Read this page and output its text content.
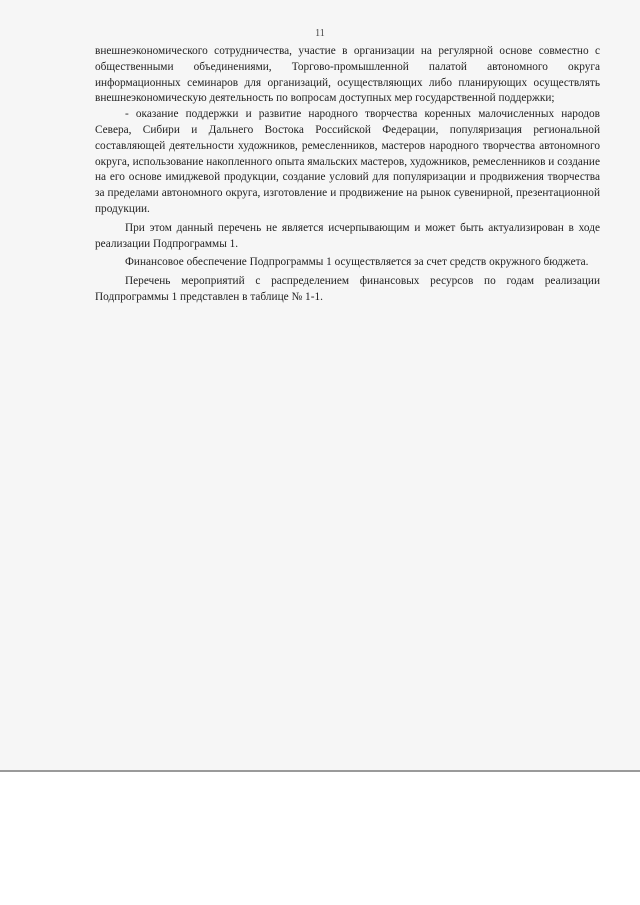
11

внешнеэкономического сотрудничества, участие в организации на регулярной основе совместно с общественными объединениями, Торгово-промышленной палатой автономного округа информационных семинаров для организаций, осуществляющих либо планирующих осуществлять внешнеэкономическую деятельность по вопросам доступных мер государственной поддержки;

- оказание поддержки и развитие народного творчества коренных малочисленных народов Севера, Сибири и Дальнего Востока Российской Федерации, популяризация региональной составляющей деятельности художников, ремесленников, мастеров народного творчества автономного округа, использование накопленного опыта ямальских мастеров, художников, ремесленников и создание на его основе имиджевой продукции, создание условий для популяризации и продвижения творчества за пределами автономного округа, изготовление и продвижение на рынок сувенирной, презентационной продукции.

При этом данный перечень не является исчерпывающим и может быть актуализирован в ходе реализации Подпрограммы 1.

Финансовое обеспечение Подпрограммы 1 осуществляется за счет средств окружного бюджета.

Перечень мероприятий с распределением финансовых ресурсов по годам реализации Подпрограммы 1 представлен в таблице № 1-1.
